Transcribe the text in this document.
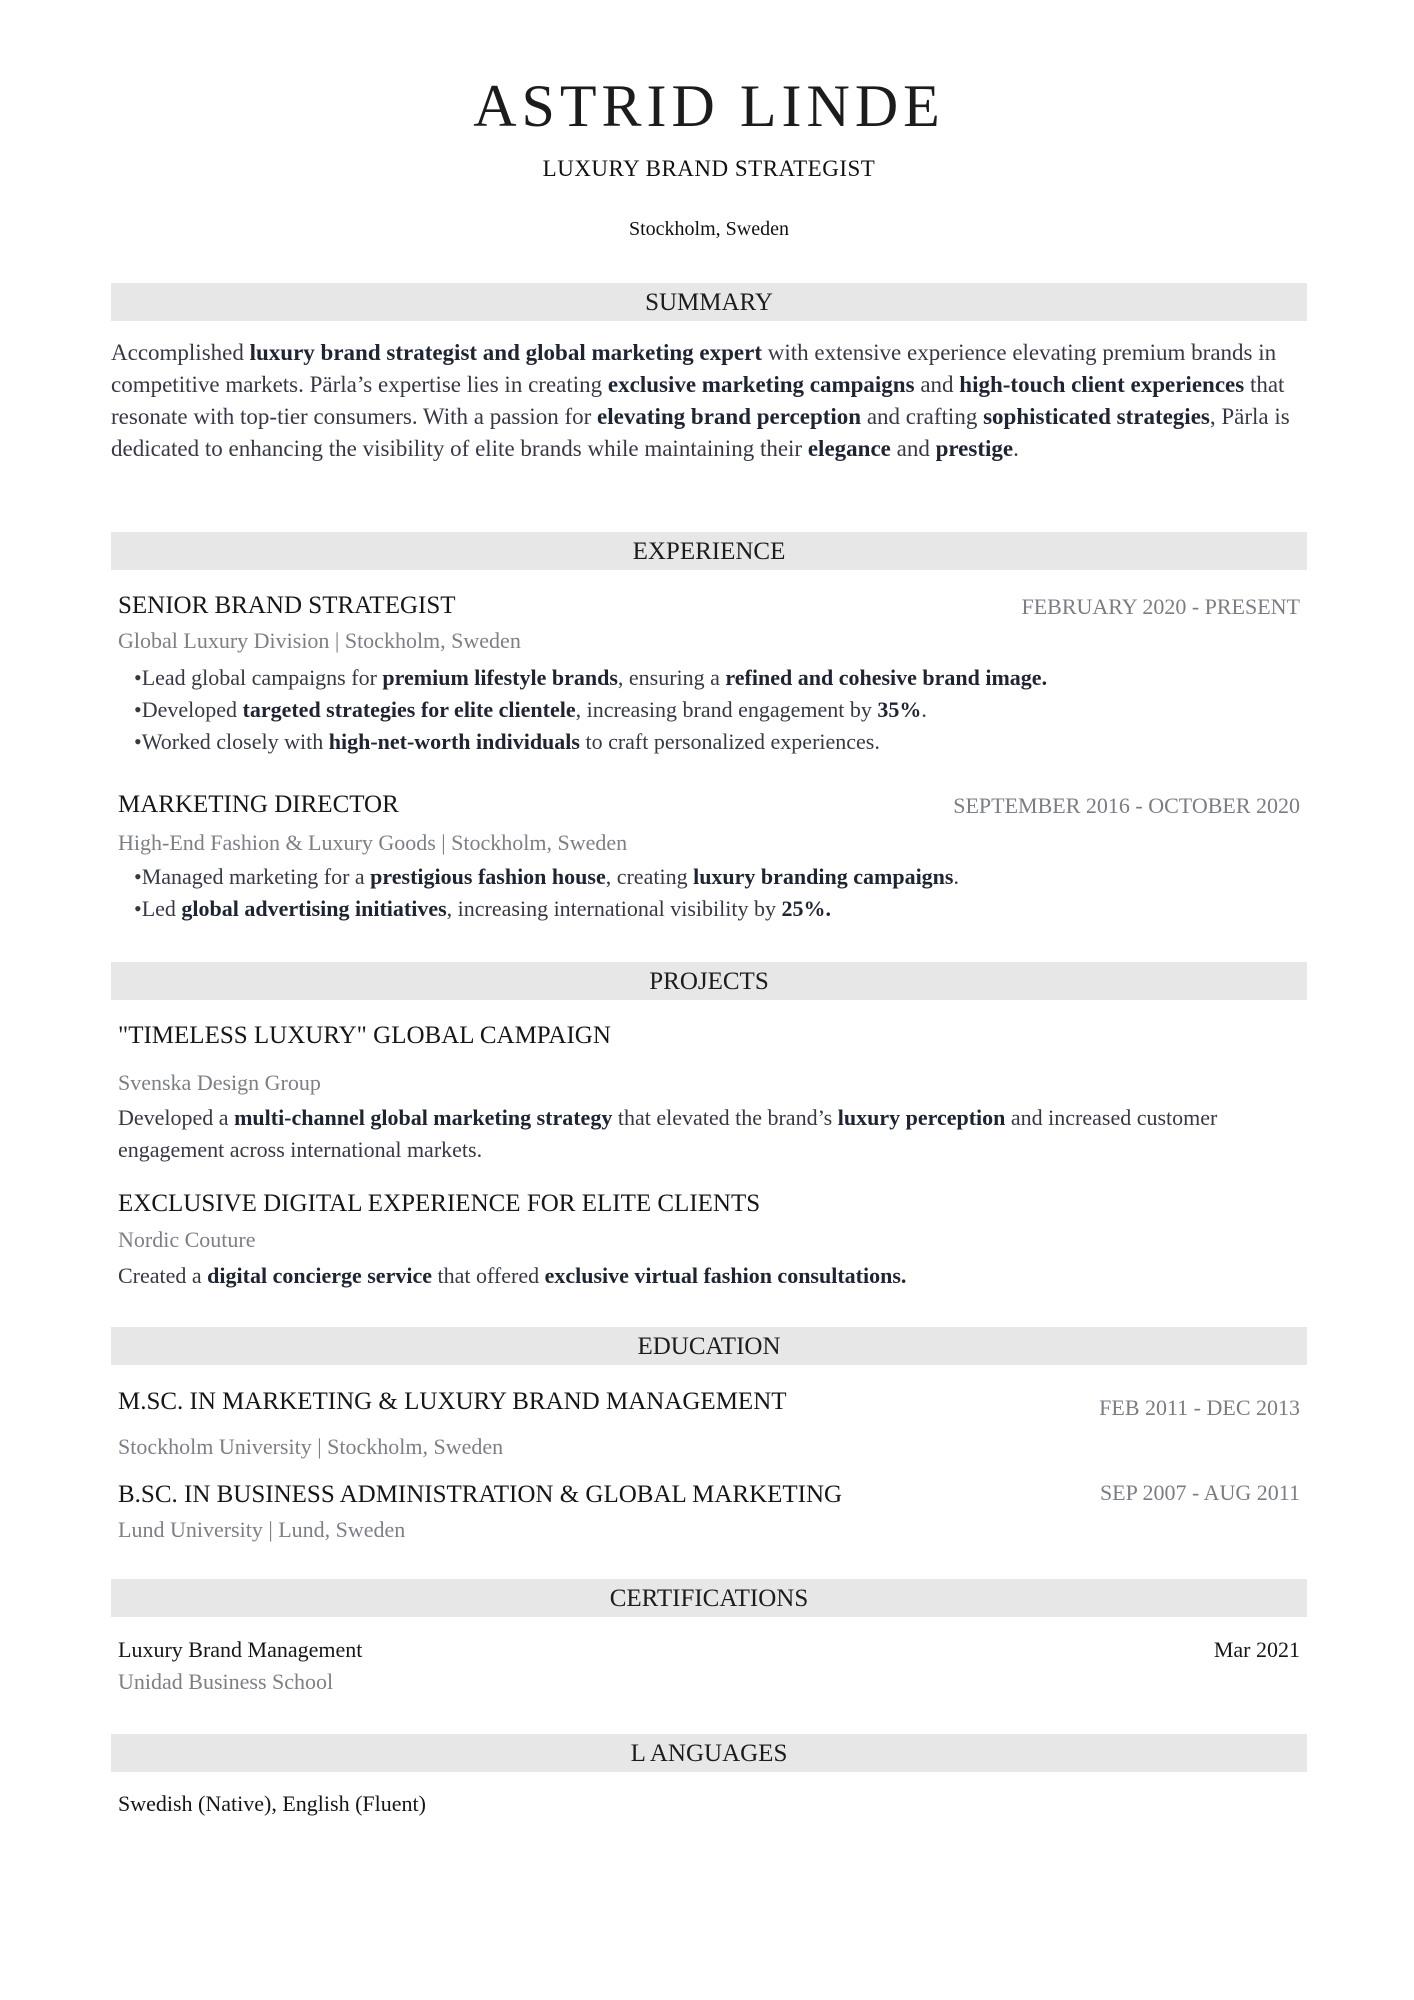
ASTRID LINDE
LUXURY BRAND STRATEGIST
Stockholm, Sweden
SUMMARY
Accomplished luxury brand strategist and global marketing expert with extensive experience elevating premium brands in competitive markets. Pärla’s expertise lies in creating exclusive marketing campaigns and high-touch client experiences that resonate with top-tier consumers. With a passion for elevating brand perception and crafting sophisticated strategies, Pärla is dedicated to enhancing the visibility of elite brands while maintaining their elegance and prestige.
EXPERIENCE
SENIOR BRAND STRATEGIST	FEBRUARY 2020 - PRESENT
Global Luxury Division | Stockholm, Sweden
•Lead global campaigns for premium lifestyle brands, ensuring a refined and cohesive brand image.
•Developed targeted strategies for elite clientele, increasing brand engagement by 35%.
•Worked closely with high-net-worth individuals to craft personalized experiences.
MARKETING DIRECTOR	SEPTEMBER 2016 - OCTOBER 2020
High-End Fashion & Luxury Goods | Stockholm, Sweden
•Managed marketing for a prestigious fashion house, creating luxury branding campaigns.
•Led global advertising initiatives, increasing international visibility by 25%.
PROJECTS
"TIMELESS LUXURY" GLOBAL CAMPAIGN
Svenska Design Group
Developed a multi-channel global marketing strategy that elevated the brand’s luxury perception and increased customer engagement across international markets.
EXCLUSIVE DIGITAL EXPERIENCE FOR ELITE CLIENTS
Nordic Couture
Created a digital concierge service that offered exclusive virtual fashion consultations.
EDUCATION
M.SC. IN MARKETING & LUXURY BRAND MANAGEMENT	FEB 2011 - DEC 2013
Stockholm University | Stockholm, Sweden
B.SC. IN BUSINESS ADMINISTRATION & GLOBAL MARKETING	SEP 2007 - AUG 2011
Lund University | Lund, Sweden
CERTIFICATIONS
Luxury Brand Management	Mar 2021
Unidad Business School
L ANGUAGES
Swedish (Native), English (Fluent)
